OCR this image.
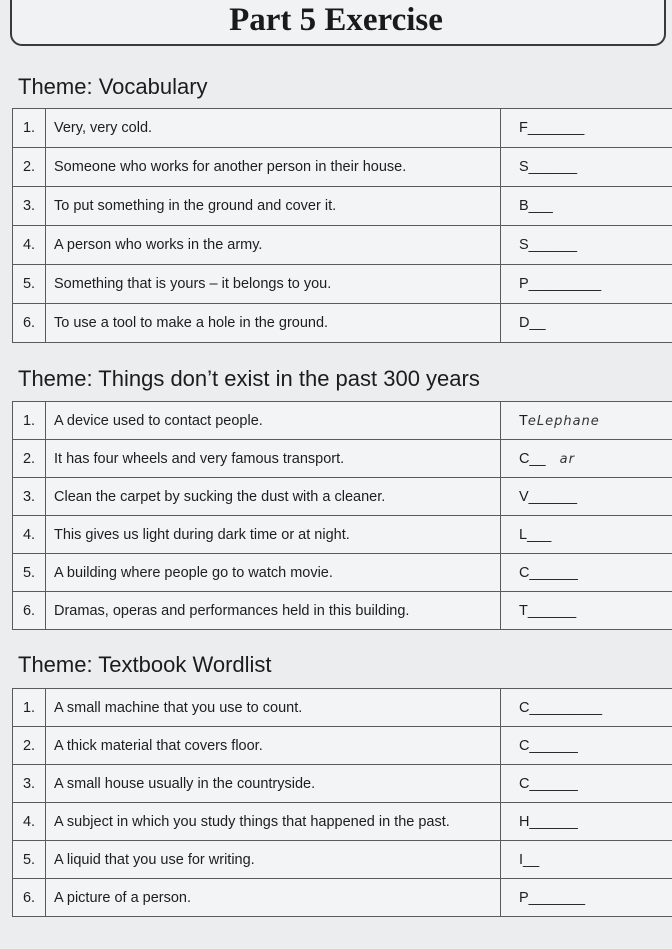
Part 5 Exercise
Theme: Vocabulary
1.	Very, very cold.	F_______
2.	Someone who works for another person in their house.	S______
3.	To put something in the ground and cover it.	B___
4.	A person who works in the army.	S______
5.	Something that is yours – it belongs to you.	P_________
6.	To use a tool to make a hole in the ground.	D__
Theme: Things don’t exist in the past 300 years
1.	A device used to contact people.	TeLephane
2.	It has four wheels and very famous transport.	C__ ar
3.	Clean the carpet by sucking the dust with a cleaner.	V______
4.	This gives us light during dark time or at night.	L___
5.	A building where people go to watch movie.	C______
6.	Dramas, operas and performances held in this building.	T______
Theme: Textbook Wordlist
1.	A small machine that you use to count.	C_________
2.	A thick material that covers floor.	C______
3.	A small house usually in the countryside.	C______
4.	A subject in which you study things that happened in the past.	H______
5.	A liquid that you use for writing.	I__
6.	A picture of a person.	P_______
